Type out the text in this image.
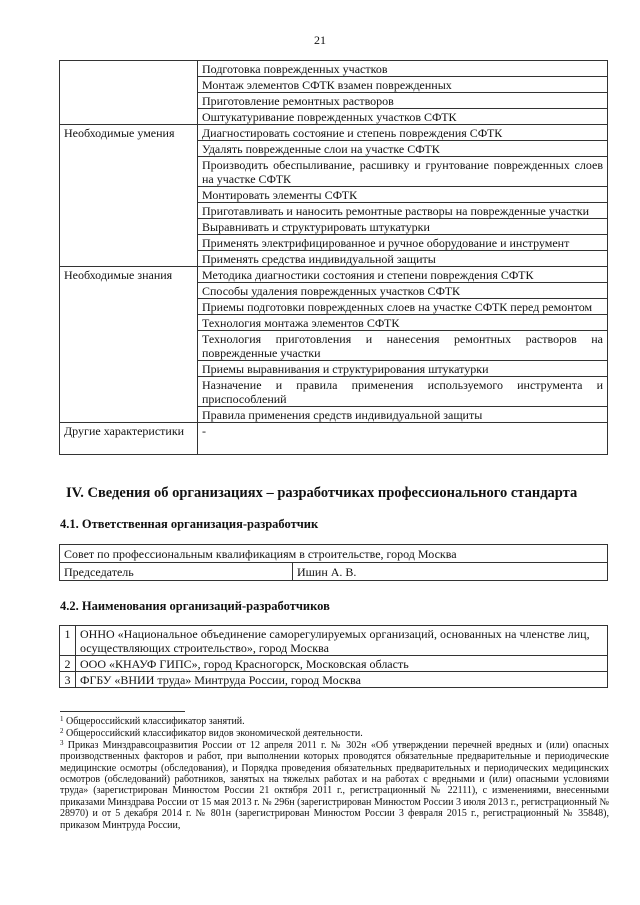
21
	Подготовка поврежденных участков
	Монтаж элементов СФТК взамен поврежденных
	Приготовление ремонтных растворов
	Оштукатуривание поврежденных участков СФТК
Необходимые умения	Диагностировать состояние и степень повреждения СФТК
	Удалять поврежденные слои на участке СФТК
	Производить обеспыливание, расшивку и грунтование поврежденных слоев на участке СФТК
	Монтировать элементы СФТК
	Приготавливать и наносить ремонтные растворы на поврежденные участки
	Выравнивать и структурировать штукатурки
	Применять электрифицированное и ручное оборудование и инструмент
	Применять средства индивидуальной защиты
Необходимые знания	Методика диагностики состояния и степени повреждения СФТК
	Способы удаления поврежденных участков СФТК
	Приемы подготовки поврежденных слоев на участке СФТК перед ремонтом
	Технология монтажа элементов СФТК
	Технология приготовления и нанесения ремонтных растворов на поврежденные участки
	Приемы выравнивания и структурирования штукатурки
	Назначение и правила применения используемого инструмента и приспособлений
	Правила применения средств индивидуальной защиты
Другие характеристики	-
IV. Сведения об организациях – разработчиках профессионального стандарта
4.1. Ответственная организация-разработчик
Совет по профессиональным квалификациям в строительстве, город Москва
Председатель	Ишин А. В.
4.2. Наименования организаций-разработчиков
1	ОННО «Национальное объединение саморегулируемых организаций, основанных на членстве лиц, осуществляющих строительство», город Москва
2	ООО «КНАУФ ГИПС», город Красногорск, Московская область
3	ФГБУ «ВНИИ труда» Минтруда России, город Москва

$^1$ Общероссийский классификатор занятий.

$^2$ Общероссийский классификатор видов экономической деятельности.

$^3$ Приказ Минздравсоцразвития России от 12 апреля 2011 г. № 302н «Об утверждении перечней вредных и (или) опасных производственных факторов и работ, при выполнении которых проводятся обязательные предварительные и периодические медицинские осмотры (обследования), и Порядка проведения обязательных предварительных и периодических медицинских осмотров (обследований) работников, занятых на тяжелых работах и на работах с вредными и (или) опасными условиями труда» (зарегистрирован Минюстом России 21 октября 2011 г., регистрационный № 22111), с изменениями, внесенными приказами Минздрава России от 15 мая 2013 г. № 296н (зарегистрирован Минюстом России 3 июля 2013 г., регистрационный № 28970) и от 5 декабря 2014 г. № 801н (зарегистрирован Минюстом России 3 февраля 2015 г., регистрационный № 35848), приказом Минтруда России,
